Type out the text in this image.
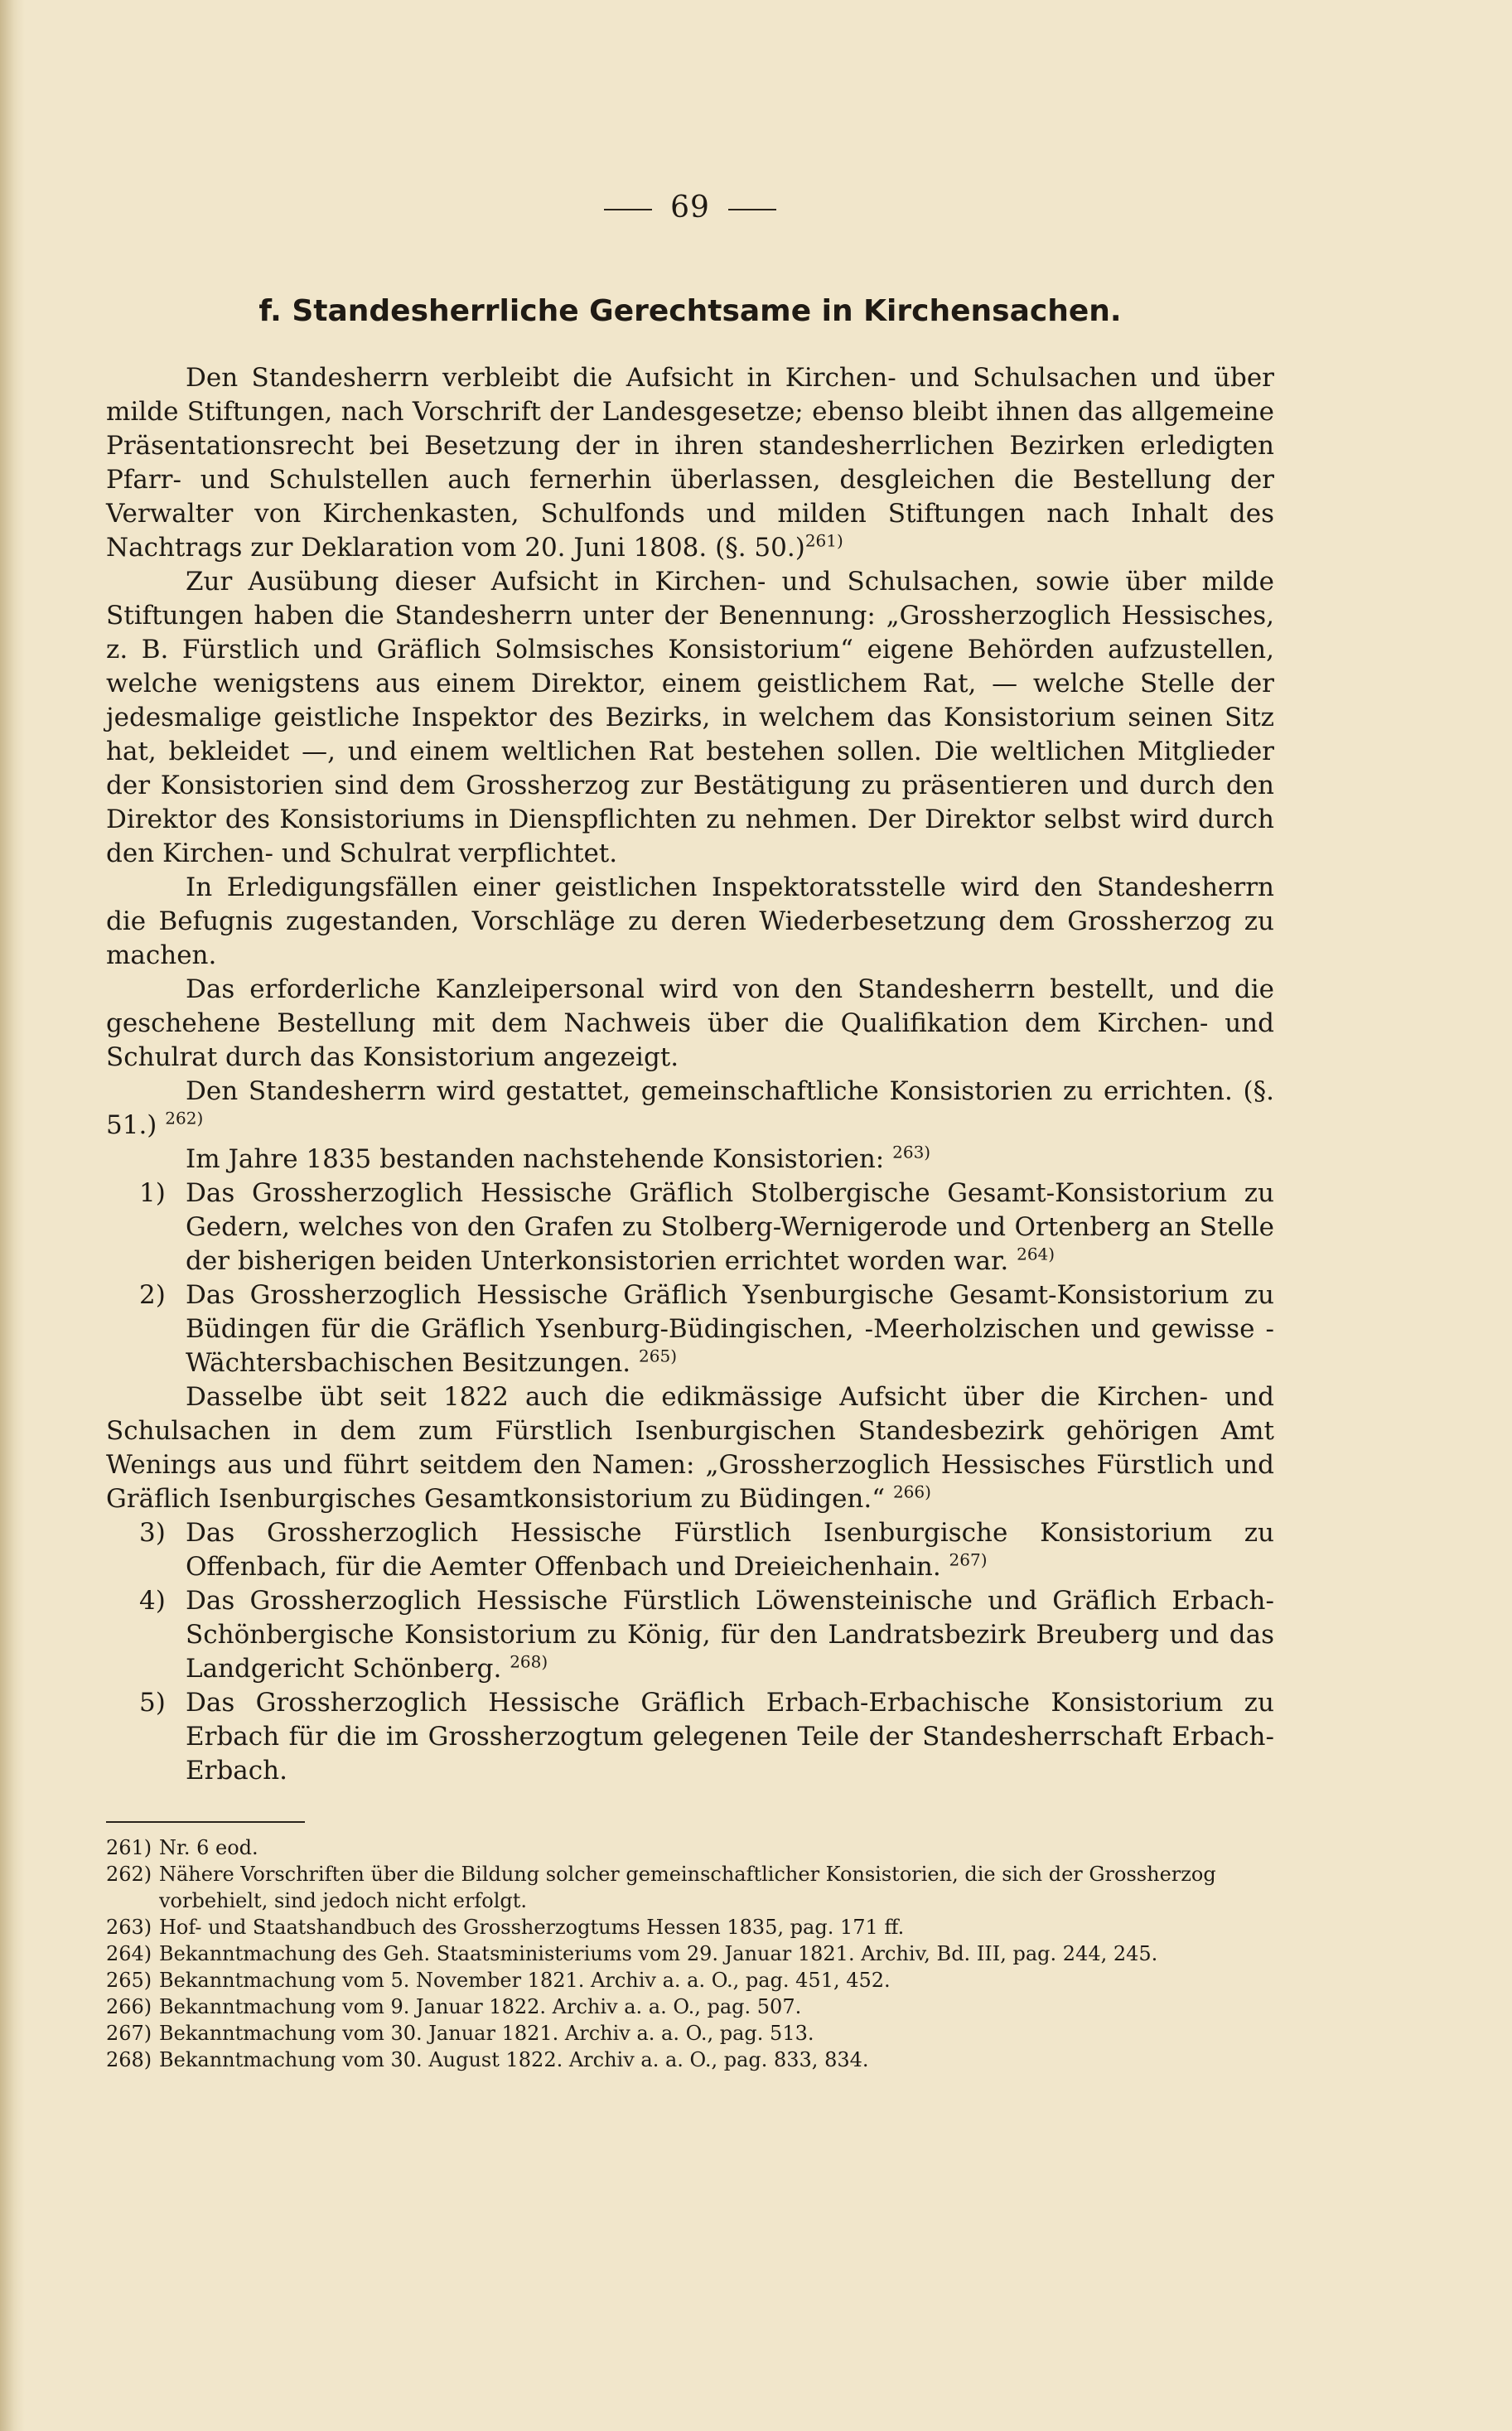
69
f. Standesherrliche Gerechtsame in Kirchensachen.

Den Standesherrn verbleibt die Aufsicht in Kirchen- und Schulsachen und über milde Stiftungen, nach Vorschrift der Landesgesetze; ebenso bleibt ihnen das allgemeine Präsentationsrecht bei Besetzung der in ihren standesherrlichen Bezirken erledigten Pfarr- und Schulstellen auch fernerhin überlassen, desgleichen die Bestellung der Verwalter von Kirchenkasten, Schulfonds und milden Stiftungen nach Inhalt des Nachtrags zur Deklaration vom 20. Juni 1808. (§. 50.)$^{261)}$

Zur Ausübung dieser Aufsicht in Kirchen- und Schulsachen, sowie über milde Stiftungen haben die Standesherrn unter der Benennung: „Grossherzoglich Hessisches, z. B. Fürstlich und Gräflich Solmsisches Konsistorium“ eigene Behörden aufzustellen, welche wenigstens aus einem Direktor, einem geistlichem Rat, — welche Stelle der jedesmalige geistliche Inspektor des Bezirks, in welchem das Konsistorium seinen Sitz hat, bekleidet —, und einem weltlichen Rat bestehen sollen. Die weltlichen Mitglieder der Konsistorien sind dem Grossherzog zur Bestätigung zu präsentieren und durch den Direktor des Konsistoriums in Dienspflichten zu nehmen. Der Direktor selbst wird durch den Kirchen- und Schulrat verpflichtet.

In Erledigungsfällen einer geistlichen Inspektoratsstelle wird den Standesherrn die Befugnis zugestanden, Vorschläge zu deren Wiederbesetzung dem Grossherzog zu machen.

Das erforderliche Kanzleipersonal wird von den Standesherrn bestellt, und die geschehene Bestellung mit dem Nachweis über die Qualifikation dem Kirchen- und Schulrat durch das Konsistorium angezeigt.

Den Standesherrn wird gestattet, gemeinschaftliche Konsistorien zu errichten. (§. 51.) $^{262)}$

Im Jahre 1835 bestanden nachstehende Konsistorien: $^{263)}$

1) Das Grossherzoglich Hessische Gräflich Stolbergische Gesamt-Konsistorium zu Gedern, welches von den Grafen zu Stolberg-Wernigerode und Ortenberg an Stelle der bisherigen beiden Unterkonsistorien errichtet worden war. $^{264)}$
2) Das Grossherzoglich Hessische Gräflich Ysenburgische Gesamt-Konsistorium zu Büdingen für die Gräflich Ysenburg-Büdingischen, -Meerholzischen und gewisse -Wächtersbachischen Besitzungen. $^{265)}$

Dasselbe übt seit 1822 auch die edikmässige Aufsicht über die Kirchen- und Schulsachen in dem zum Fürstlich Isenburgischen Standesbezirk gehörigen Amt Wenings aus und führt seitdem den Namen: „Grossherzoglich Hessisches Fürstlich und Gräflich Isenburgisches Gesamtkonsistorium zu Büdingen.“ $^{266)}$

3) Das Grossherzoglich Hessische Fürstlich Isenburgische Konsistorium zu Offenbach, für die Aemter Offenbach und Dreieichenhain. $^{267)}$
4) Das Grossherzoglich Hessische Fürstlich Löwensteinische und Gräflich Erbach-Schönbergische Konsistorium zu König, für den Landratsbezirk Breuberg und das Landgericht Schönberg. $^{268)}$
5) Das Grossherzoglich Hessische Gräflich Erbach-Erbachische Konsistorium zu Erbach für die im Grossherzogtum gelegenen Teile der Standesherrschaft Erbach-Erbach.
261) Nr. 6 eod.
262) Nähere Vorschriften über die Bildung solcher gemeinschaftlicher Konsistorien, die sich der Grossherzog vorbehielt, sind jedoch nicht erfolgt.
263) Hof- und Staatshandbuch des Grossherzogtums Hessen 1835, pag. 171 ff.
264) Bekanntmachung des Geh. Staatsministeriums vom 29. Januar 1821. Archiv, Bd. III, pag. 244, 245.
265) Bekanntmachung vom 5. November 1821. Archiv a. a. O., pag. 451, 452.
266) Bekanntmachung vom 9. Januar 1822. Archiv a. a. O., pag. 507.
267) Bekanntmachung vom 30. Januar 1821. Archiv a. a. O., pag. 513.
268) Bekanntmachung vom 30. August 1822. Archiv a. a. O., pag. 833, 834.
